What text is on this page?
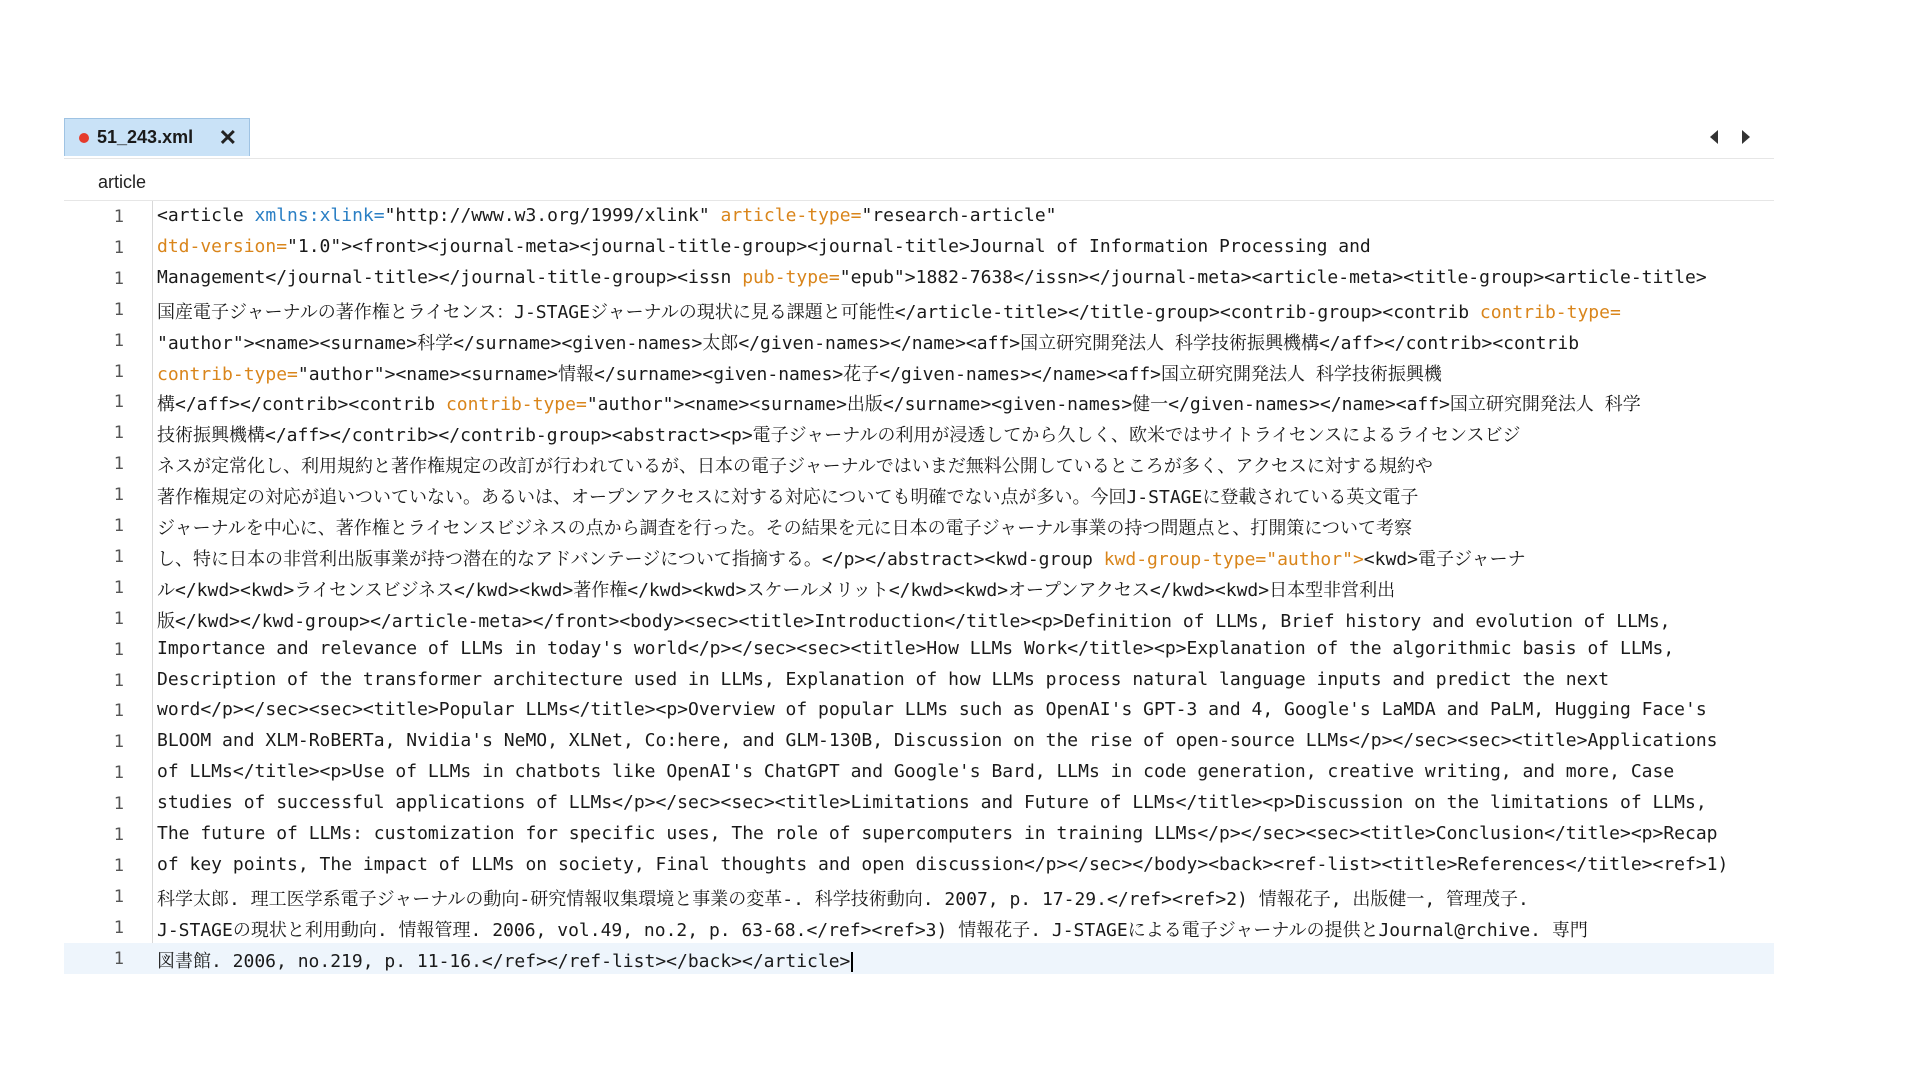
51_243.xml ✕
article
1 <article xmlns:xlink="http://www.w3.org/1999/xlink" article-type="research-article"
1 dtd-version="1.0"><front><journal-meta><journal-title-group><journal-title>Journal of Information Processing and
1 Management</journal-title></journal-title-group><issn pub-type="epub">1882-7638</issn></journal-meta><article-meta><title-group><article-title>
1 国産電子ジャーナルの著作権とライセンス：J-STAGEジャーナルの現状に見る課題と可能性</article-title></title-group><contrib-group><contrib contrib-type=
1 "author"><name><surname>科学</surname><given-names>太郎</given-names></name><aff>国立研究開発法人 科学技術振興機構</aff></contrib><contrib
1 contrib-type="author"><name><surname>情報</surname><given-names>花子</given-names></name><aff>国立研究開発法人 科学技術振興機
1 構</aff></contrib><contrib contrib-type="author"><name><surname>出版</surname><given-names>健一</given-names></name><aff>国立研究開発法人 科学
1 技術振興機構</aff></contrib></contrib-group><abstract><p>電子ジャーナルの利用が浸透してから久しく、欧米ではサイトライセンスによるライセンスビジ
1 ネスが定常化し、利用規約と著作権規定の改訂が行われているが、日本の電子ジャーナルではいまだ無料公開しているところが多く、アクセスに対する規約や
1 著作権規定の対応が追いついていない。あるいは、オープンアクセスに対する対応についても明確でない点が多い。今回J-STAGEに登載されている英文電子
1 ジャーナルを中心に、著作権とライセンスビジネスの点から調査を行った。その結果を元に日本の電子ジャーナル事業の持つ問題点と、打開策について考察
1 し、特に日本の非営利出版事業が持つ潜在的なアドバンテージについて指摘する。</p></abstract><kwd-group kwd-group-type="author"><kwd>電子ジャーナ
1 ル</kwd><kwd>ライセンスビジネス</kwd><kwd>著作権</kwd><kwd>スケールメリット</kwd><kwd>オープンアクセス</kwd><kwd>日本型非営利出
1 版</kwd></kwd-group></article-meta></front><body><sec><title>Introduction</title><p>Definition of LLMs, Brief history and evolution of LLMs,
1 Importance and relevance of LLMs in today's world</p></sec><sec><title>How LLMs Work</title><p>Explanation of the algorithmic basis of LLMs,
1 Description of the transformer architecture used in LLMs, Explanation of how LLMs process natural language inputs and predict the next
1 word</p></sec><sec><title>Popular LLMs</title><p>Overview of popular LLMs such as OpenAI's GPT-3 and 4, Google's LaMDA and PaLM, Hugging Face's
1 BLOOM and XLM-RoBERTa, Nvidia's NeMO, XLNet, Co:here, and GLM-130B, Discussion on the rise of open-source LLMs</p></sec><sec><title>Applications
1 of LLMs</title><p>Use of LLMs in chatbots like OpenAI's ChatGPT and Google's Bard, LLMs in code generation, creative writing, and more, Case
1 studies of successful applications of LLMs</p></sec><sec><title>Limitations and Future of LLMs</title><p>Discussion on the limitations of LLMs,
1 The future of LLMs: customization for specific uses, The role of supercomputers in training LLMs</p></sec><sec><title>Conclusion</title><p>Recap
1 of key points, The impact of LLMs on society, Final thoughts and open discussion</p></sec></body><back><ref-list><title>References</title><ref>1)
1 科学太郎. 理工医学系電子ジャーナルの動向-研究情報収集環境と事業の変革-. 科学技術動向. 2007, p. 17-29.</ref><ref>2) 情報花子, 出版健一, 管理茂子.
1 J-STAGEの現状と利用動向. 情報管理. 2006, vol.49, no.2, p. 63-68.</ref><ref>3) 情報花子. J-STAGEによる電子ジャーナルの提供とJournal@rchive. 専門
1 図書館. 2006, no.219, p. 11-16.</ref></ref-list></back></article>
